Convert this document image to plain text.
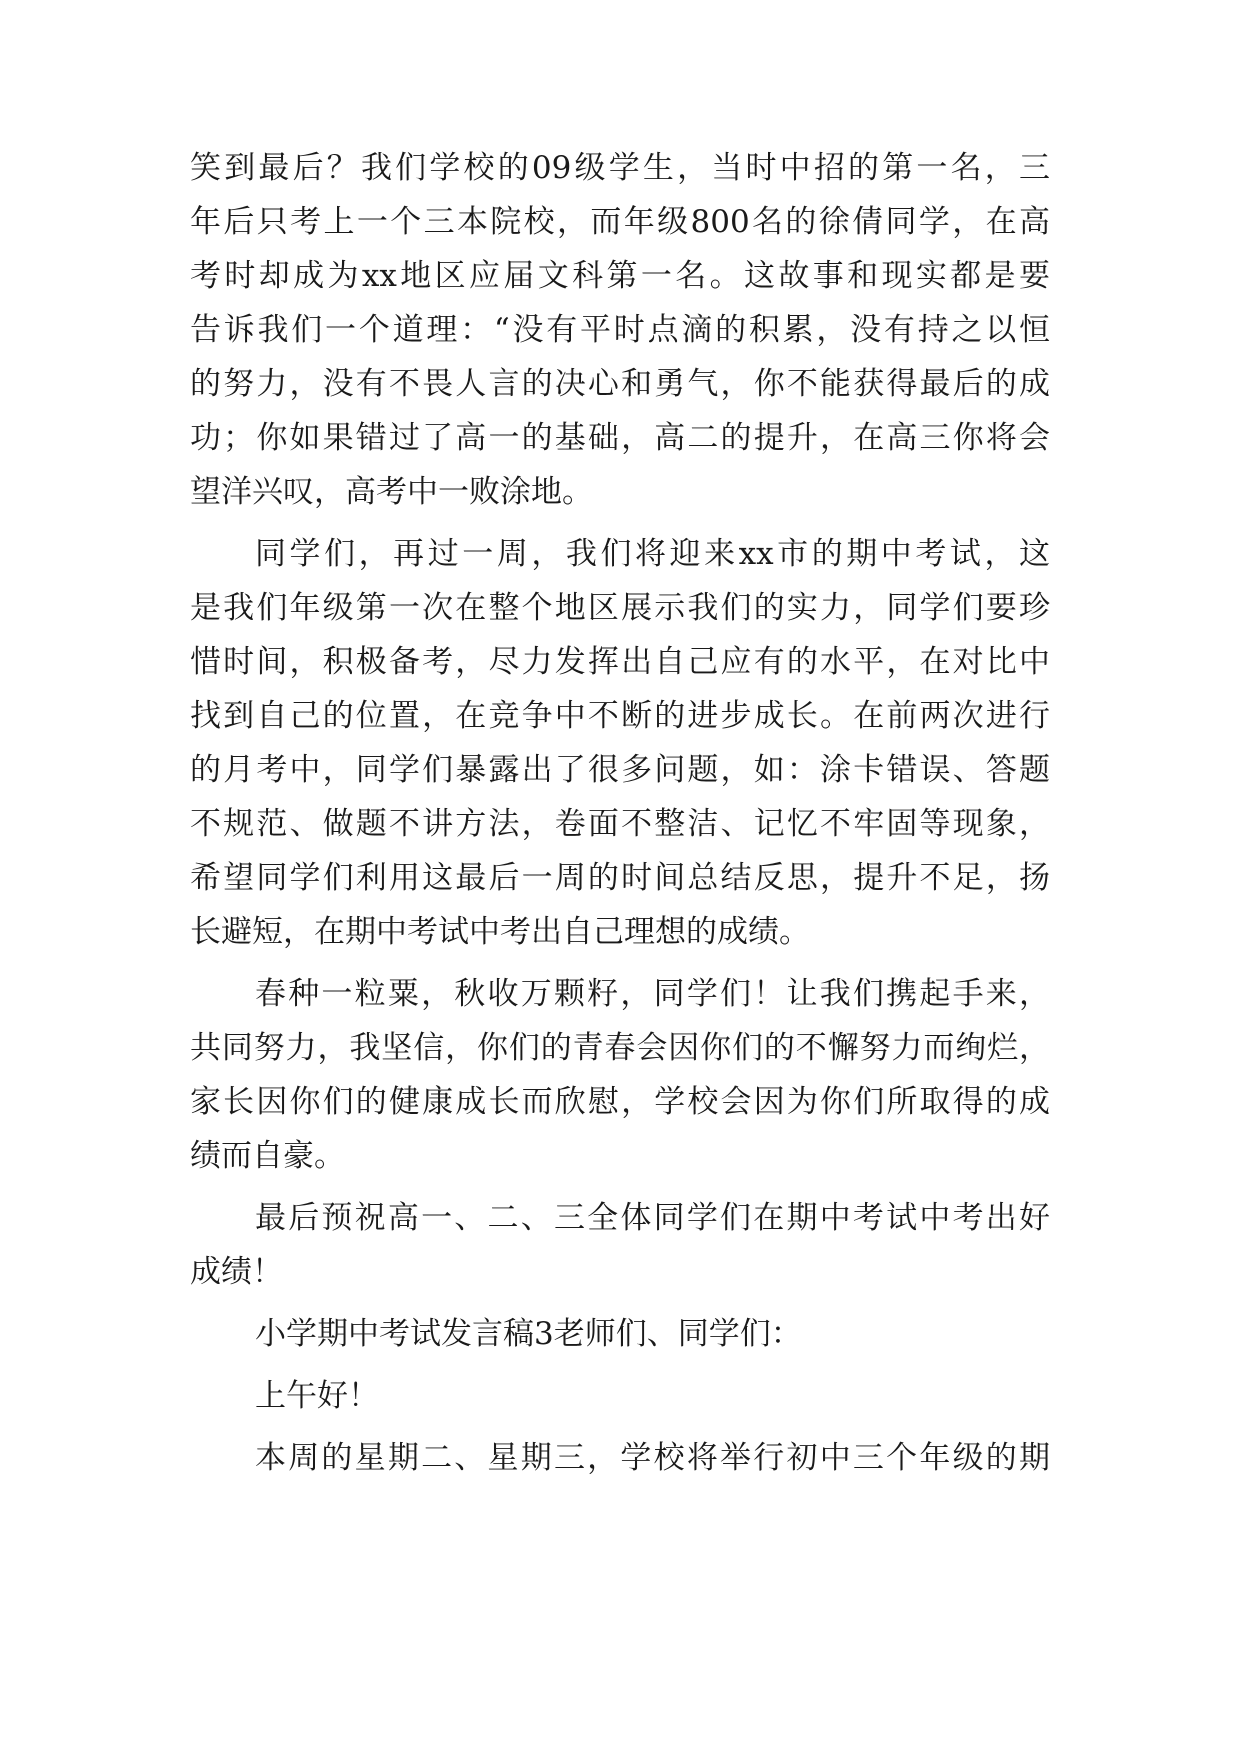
笑到最后？我们学校的09级学生，当时中招的第一名，三
年后只考上一个三本院校，而年级800名的徐倩同学，在高
考时却成为xx地区应届文科第一名。这故事和现实都是要
告诉我们一个道理：“没有平时点滴的积累，没有持之以恒
的努力，没有不畏人言的决心和勇气，你不能获得最后的成
功；你如果错过了高一的基础，高二的提升，在高三你将会
望洋兴叹，高考中一败涂地。
同学们，再过一周，我们将迎来xx市的期中考试，这
是我们年级第一次在整个地区展示我们的实力，同学们要珍
惜时间，积极备考，尽力发挥出自己应有的水平，在对比中
找到自己的位置，在竞争中不断的进步成长。在前两次进行
的月考中，同学们暴露出了很多问题，如：涂卡错误、答题
不规范、做题不讲方法，卷面不整洁、记忆不牢固等现象，
希望同学们利用这最后一周的时间总结反思，提升不足，扬
长避短，在期中考试中考出自己理想的成绩。
春种一粒粟，秋收万颗籽，同学们！让我们携起手来，
共同努力，我坚信，你们的青春会因你们的不懈努力而绚烂，
家长因你们的健康成长而欣慰，学校会因为你们所取得的成
绩而自豪。
最后预祝高一、二、三全体同学们在期中考试中考出好
成绩！
小学期中考试发言稿3老师们、同学们：
上午好！
本周的星期二、星期三，学校将举行初中三个年级的期
